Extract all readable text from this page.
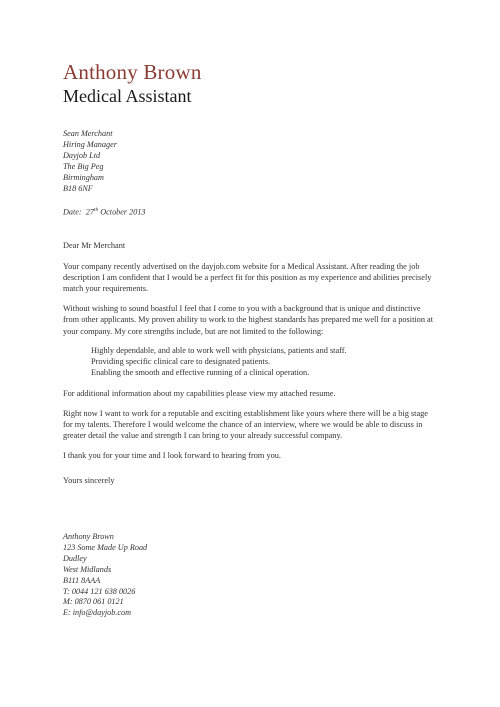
Anthony Brown
Medical Assistant
Sean Merchant
Hiring Manager
Dayjob Ltd
The Big Peg
Birmingham
B18 6NF
Date: 27th October 2013

Dear Mr Merchant

Your company recently advertised on the dayjob.com website for a Medical Assistant. After reading the job description I am confident that I would be a perfect fit for this position as my experience and abilities precisely match your requirements.

Without wishing to sound boastful I feel that I come to you with a background that is unique and distinctive from other applicants. My proven ability to work to the highest standards has prepared me well for a position at your company. My core strengths include, but are not limited to the following:

Highly dependable, and able to work well with physicians, patients and staff.
Providing specific clinical care to designated patients.
Enabling the smooth and effective running of a clinical operation.

For additional information about my capabilities please view my attached resume.

Right now I want to work for a reputable and exciting establishment like yours where there will be a big stage for my talents. Therefore I would welcome the chance of an interview, where we would be able to discuss in greater detail the value and strength I can bring to your already successful company.

I thank you for your time and I look forward to hearing from you.

Yours sincerely

Anthony Brown
123 Some Made Up Road
Dudley
West Midlands
B111 8AAA
T: 0044 121 638 0026
M: 0870 061 0121
E: info@dayjob.com
